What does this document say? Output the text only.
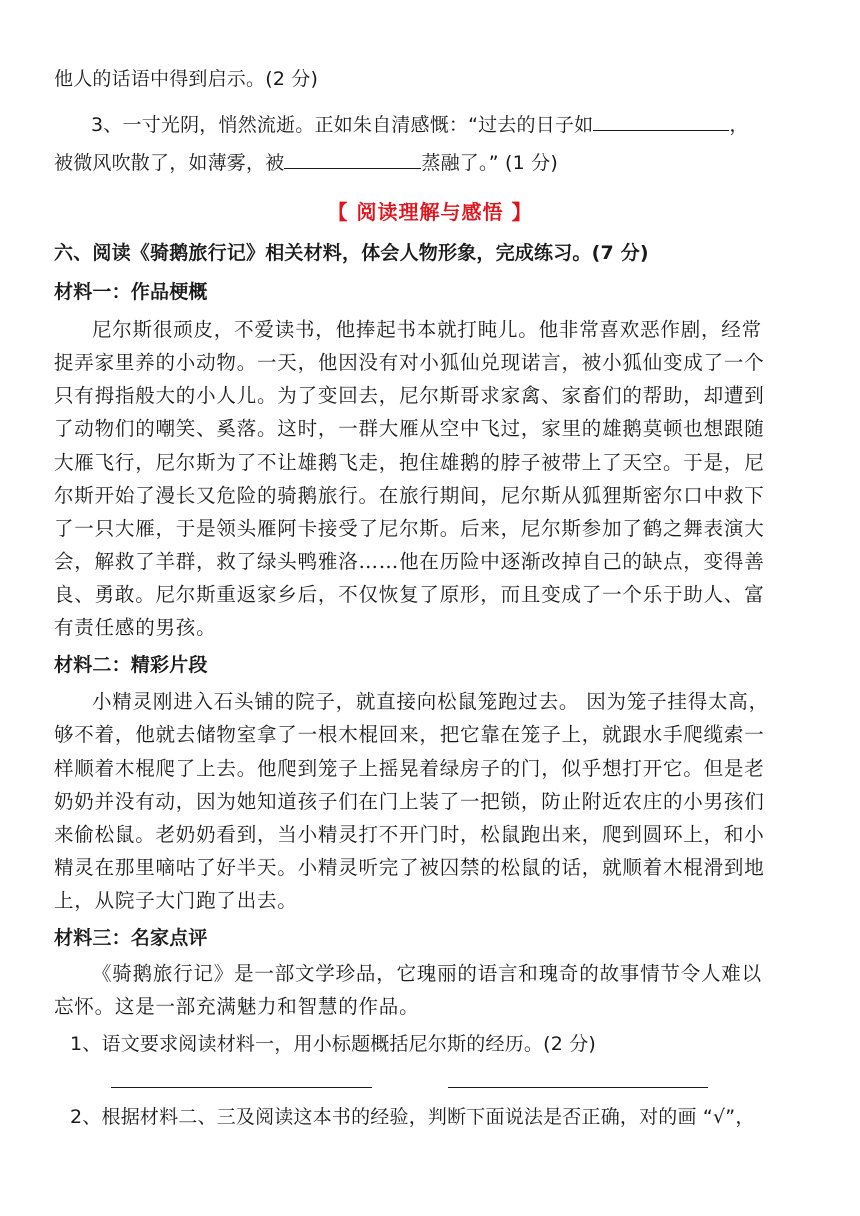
他人的话语中得到启示。(2 分)
3、一寸光阴，悄然流逝。正如朱自清感慨：“过去的日子如	，
被微风吹散了，如薄雾，被	蒸融了。” (1 分)
【 阅读理解与感悟 】
六、阅读《骑鹅旅行记》相关材料，体会人物形象，完成练习。(7 分)
材料一：作品梗概
尼尔斯很顽皮，不爱读书，他捧起书本就打盹儿。他非常喜欢恶作剧，经常
捉弄家里养的小动物。一天，他因没有对小狐仙兑现诺言，被小狐仙变成了一个
只有拇指般大的小人儿。为了变回去，尼尔斯哥求家禽、家畜们的帮助，却遭到
了动物们的嘲笑、奚落。这时，一群大雁从空中飞过，家里的雄鹅莫顿也想跟随
大雁飞行，尼尔斯为了不让雄鹅飞走，抱住雄鹅的脖子被带上了天空。于是，尼
尔斯开始了漫长又危险的骑鹅旅行。在旅行期间，尼尔斯从狐狸斯密尔口中救下
了一只大雁，于是领头雁阿卡接受了尼尔斯。后来，尼尔斯参加了鹤之舞表演大
会，解救了羊群，救了绿头鸭雅洛……他在历险中逐渐改掉自己的缺点，变得善
良、勇敢。尼尔斯重返家乡后，不仅恢复了原形，而且变成了一个乐于助人、富
有责任感的男孩。
材料二：精彩片段
小精灵刚进入石头铺的院子，就直接向松鼠笼跑过去。 因为笼子挂得太高，
够不着，他就去储物室拿了一根木棍回来，把它靠在笼子上，就跟水手爬缆索一
样顺着木棍爬了上去。他爬到笼子上摇晃着绿房子的门，似乎想打开它。但是老
奶奶并没有动，因为她知道孩子们在门上装了一把锁，防止附近农庄的小男孩们
来偷松鼠。老奶奶看到，当小精灵打不开门时，松鼠跑出来，爬到圆环上，和小
精灵在那里嘀咕了好半天。小精灵听完了被囚禁的松鼠的话，就顺着木棍滑到地
上，从院子大门跑了出去。
材料三：名家点评
《骑鹅旅行记》是一部文学珍品，它瑰丽的语言和瑰奇的故事情节令人难以
忘怀。这是一部充满魅力和智慧的作品。
1、语文要求阅读材料一，用小标题概括尼尔斯的经历。(2 分)
2、根据材料二、三及阅读这本书的经验，判断下面说法是否正确，对的画 “√”，
